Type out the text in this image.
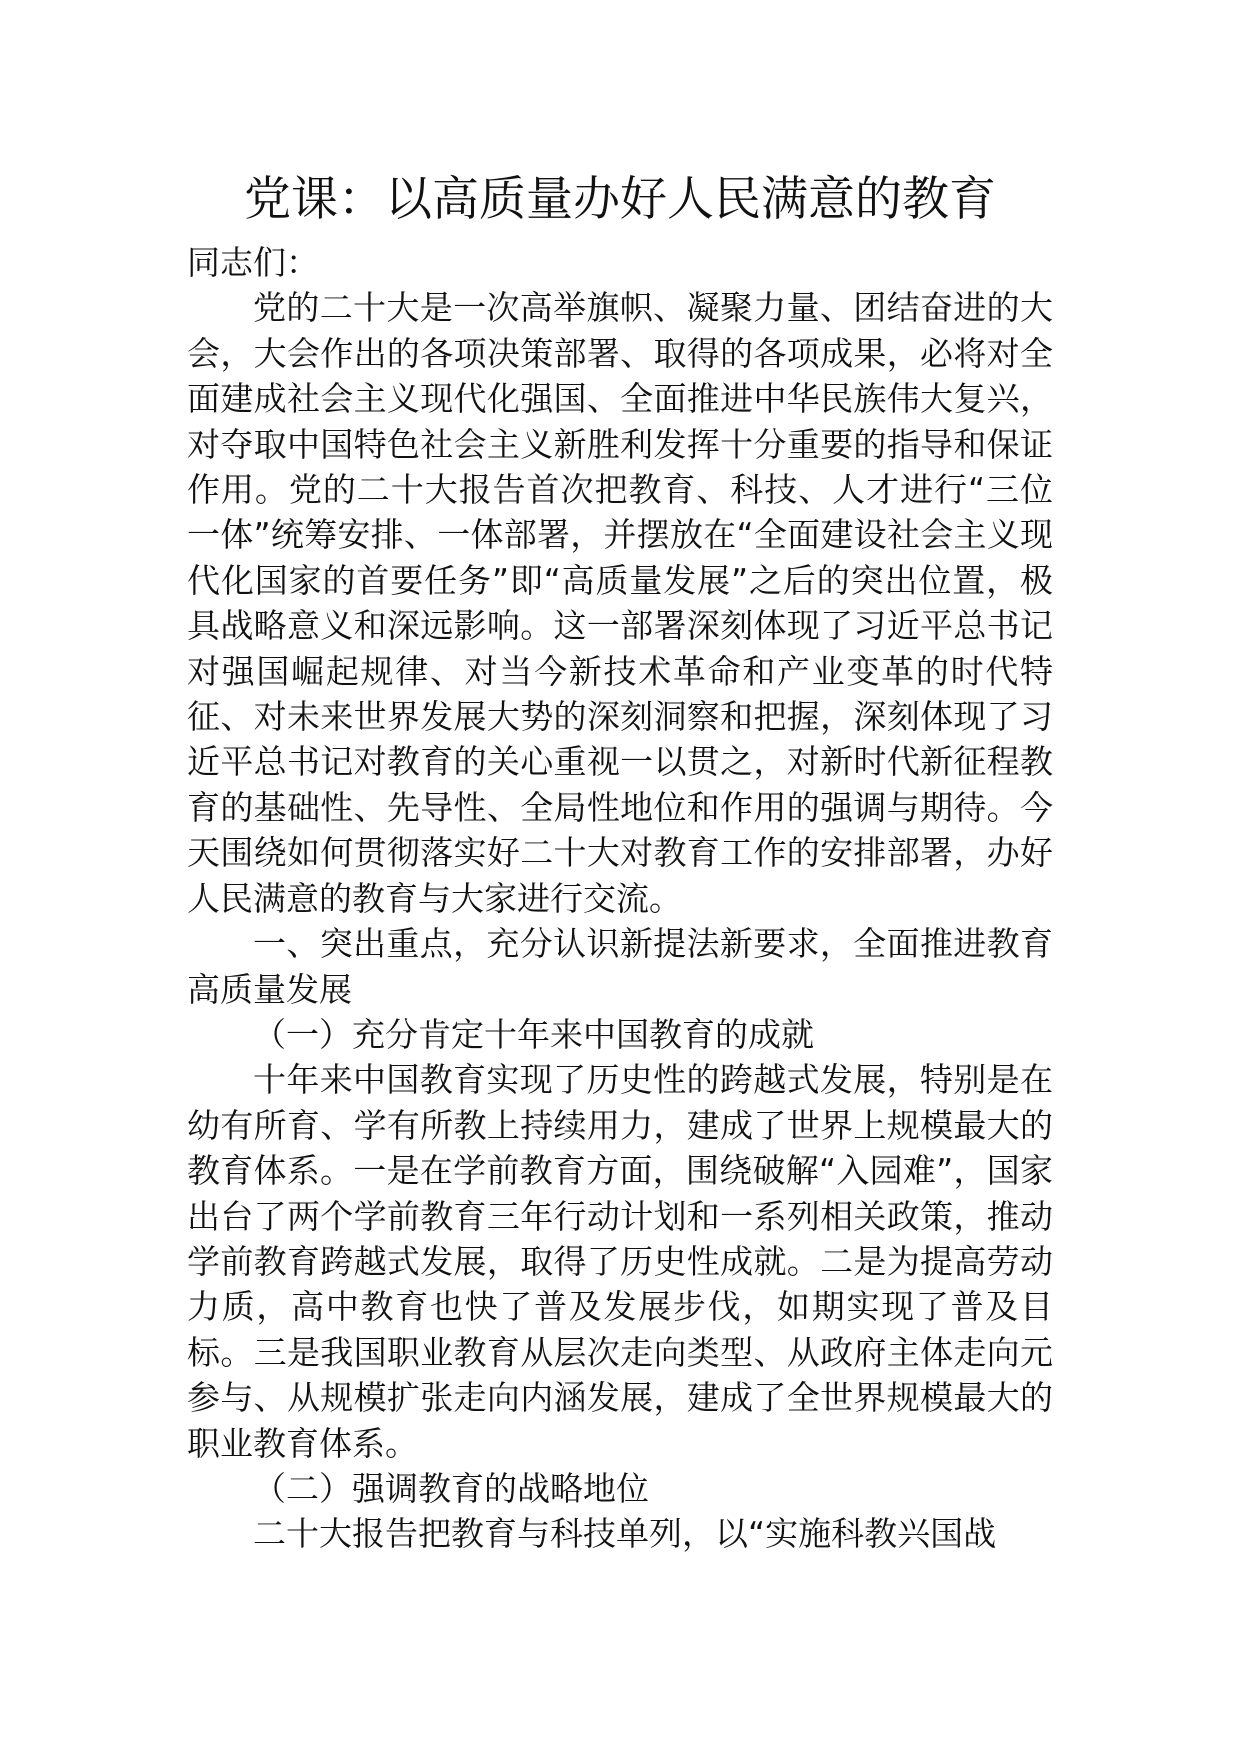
党课：以高质量办好人民满意的教育

同志们：

党的二十大是一次高举旗帜、凝聚力量、团结奋进的大会，大会作出的各项决策部署、取得的各项成果，必将对全面建成社会主义现代化强国、全面推进中华民族伟大复兴，对夺取中国特色社会主义新胜利发挥十分重要的指导和保证作用。党的二十大报告首次把教育、科技、人才进行“三位一体”统筹安排、一体部署，并摆放在“全面建设社会主义现代化国家的首要任务”即“高质量发展”之后的突出位置，极具战略意义和深远影响。这一部署深刻体现了习近平总书记对强国崛起规律、对当今新技术革命和产业变革的时代特征、对未来世界发展大势的深刻洞察和把握，深刻体现了习近平总书记对教育的关心重视一以贯之，对新时代新征程教育的基础性、先导性、全局性地位和作用的强调与期待。今天围绕如何贯彻落实好二十大对教育工作的安排部署，办好人民满意的教育与大家进行交流。

一、突出重点，充分认识新提法新要求，全面推进教育高质量发展

（一）充分肯定十年来中国教育的成就

十年来中国教育实现了历史性的跨越式发展，特别是在幼有所育、学有所教上持续用力，建成了世界上规模最大的教育体系。一是在学前教育方面，围绕破解“入园难”，国家出台了两个学前教育三年行动计划和一系列相关政策，推动学前教育跨越式发展，取得了历史性成就。二是为提高劳动力质，高中教育也快了普及发展步伐，如期实现了普及目标。三是我国职业教育从层次走向类型、从政府主体走向元参与、从规模扩张走向内涵发展，建成了全世界规模最大的职业教育体系。

（二）强调教育的战略地位

二十大报告把教育与科技单列，以“实施科教兴国战
